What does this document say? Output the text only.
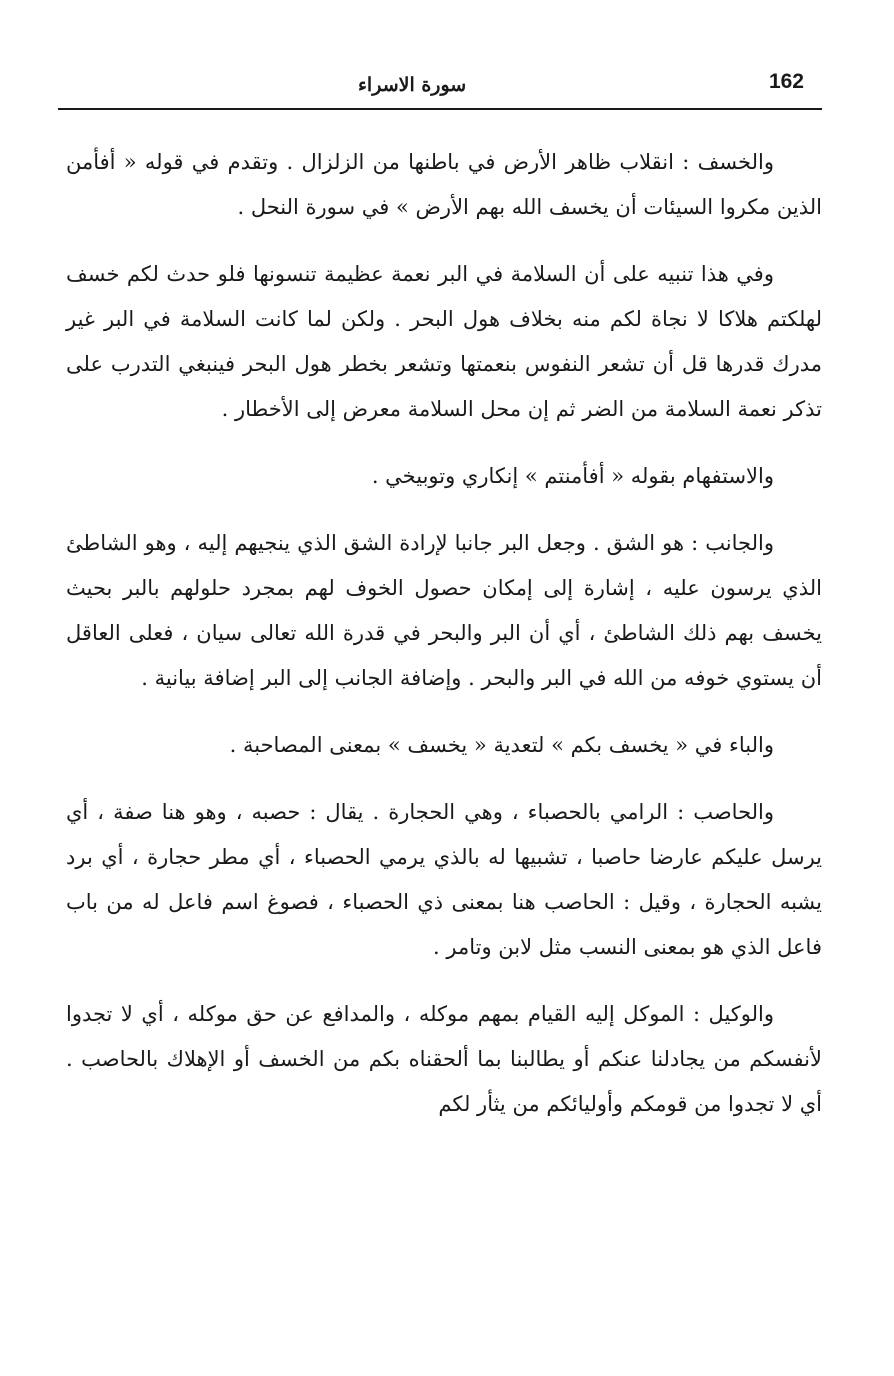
162
سورة الاسراء

والخسف : انقلاب ظاهر الأرض في باطنها من الزلزال . وتقدم في قوله « أفأمن الذين مكروا السيئات أن يخسف الله بهم الأرض » في سورة النحل .

وفي هذا تنبيه على أن السلامة في البر نعمة عظيمة تنسونها فلو حدث لكم خسف لهلكتم هلاكا لا نجاة لكم منه بخلاف هول البحر . ولكن لما كانت السلامة في البر غير مدرك قدرها قل أن تشعر النفوس بنعمتها وتشعر بخطر هول البحر فينبغي التدرب على تذكر نعمة السلامة من الضر ثم إن محل السلامة معرض إلى الأخطار .

والاستفهام بقوله « أفأمنتم » إنكاري وتوبيخي .

والجانب : هو الشق . وجعل البر جانبا لإرادة الشق الذي ينجيهم إليه ، وهو الشاطئ الذي يرسون عليه ، إشارة إلى إمكان حصول الخوف لهم بمجرد حلولهم بالبر بحيث يخسف بهم ذلك الشاطئ ، أي أن البر والبحر في قدرة الله تعالى سيان ، فعلى العاقل أن يستوي خوفه من الله في البر والبحر . وإضافة الجانب إلى البر إضافة بيانية .

والباء في « يخسف بكم » لتعدية « يخسف » بمعنى المصاحبة .

والحاصب : الرامي بالحصباء ، وهي الحجارة . يقال : حصبه ، وهو هنا صفة ، أي يرسل عليكم عارضا حاصبا ، تشبيها له بالذي يرمي الحصباء ، أي مطر حجارة ، أي برد يشبه الحجارة ، وقيل : الحاصب هنا بمعنى ذي الحصباء ، فصوغ اسم فاعل له من باب فاعل الذي هو بمعنى النسب مثل لابن وتامر .

والوكيل : الموكل إليه القيام بمهم موكله ، والمدافع عن حق موكله ، أي لا تجدوا لأنفسكم من يجادلنا عنكم أو يطالبنا بما ألحقناه بكم من الخسف أو الإهلاك بالحاصب . أي لا تجدوا من قومكم وأوليائكم من يثأر لكم
